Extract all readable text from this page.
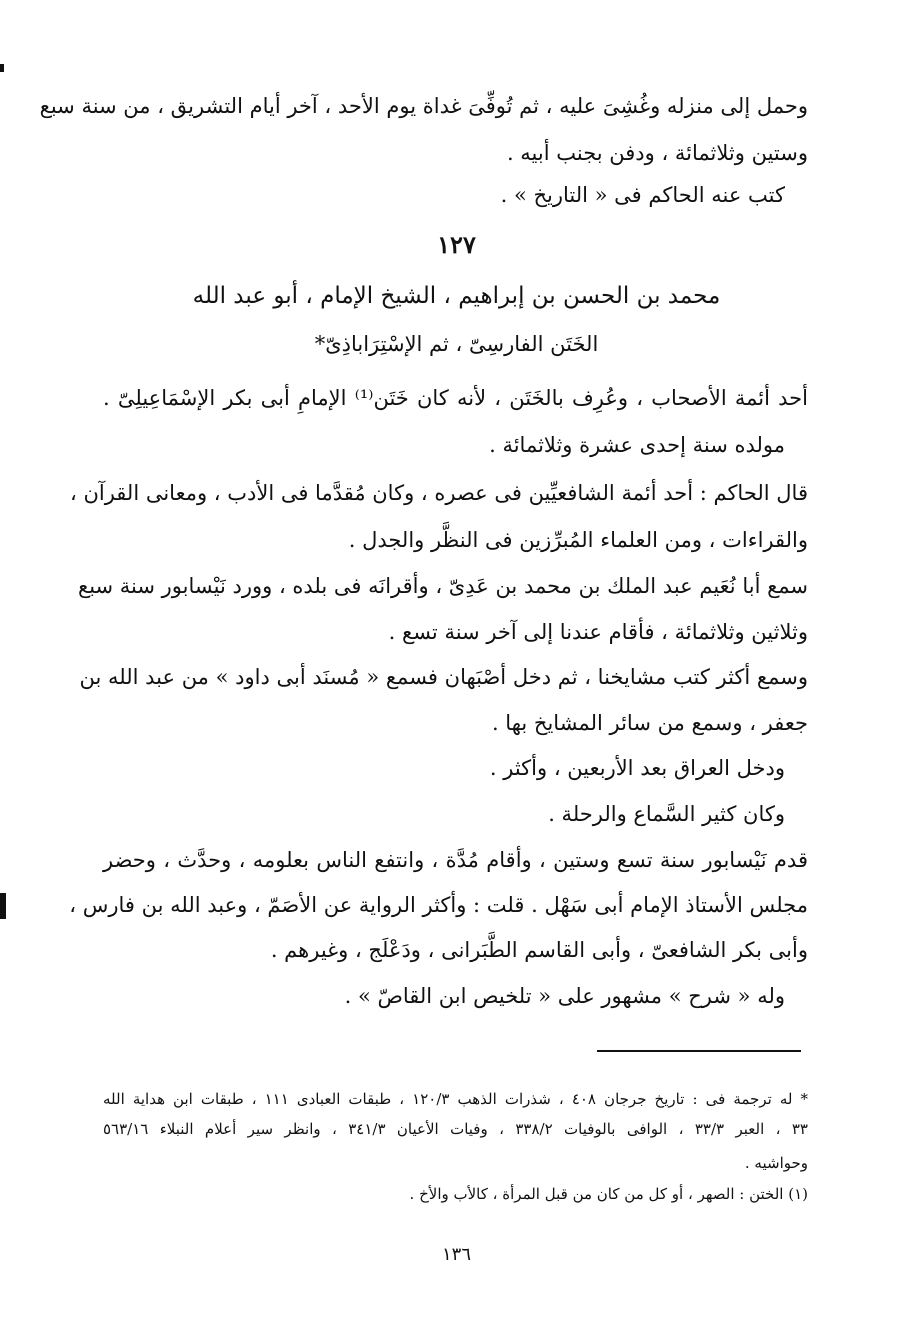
وحمل إلى منزله وغُشِىَ عليه ، ثم تُوفِّىَ غداة يوم الأحد ، آخر أيام التشريق ، من سنة سبع
وستين وثلاثمائة ، ودفن بجنب أبيه .
كتب عنه الحاكم فى « التاريخ » .
١٢٧
محمد بن الحسن بن إبراهيم ، الشيخ الإمام ، أبو عبد الله
الخَتَن الفارسِىّ ، ثم الإسْتِرَاباذِىّ*
أحد أئمة الأصحاب ، وعُرِف بالخَتَن ، لأنه كان خَتَن⁽¹⁾ الإمامِ أبى بكر الإسْمَاعِيلِىّ .
مولده سنة إحدى عشرة وثلاثمائة .
قال الحاكم : أحد أئمة الشافعيِّين فى عصره ، وكان مُقدَّما فى الأدب ، ومعانى القرآن ،
والقراءات ، ومن العلماء المُبرِّزين فى النظَّر والجدل .
سمع أبا نُعَيم عبد الملك بن محمد بن عَدِىّ ، وأقرانَه فى بلده ، وورد نَيْسابور سنة سبع
وثلاثين وثلاثمائة ، فأقام عندنا إلى آخر سنة تسع .
وسمع أكثر كتب مشايخنا ، ثم دخل أصْبَهان فسمع « مُسنَد أبى داود » من عبد الله بن
جعفر ، وسمع من سائر المشايخ بها .
ودخل العراق بعد الأربعين ، وأكثر .
وكان كثير السَّماع والرحلة .
قدم نَيْسابور سنة تسع وستين ، وأقام مُدَّة ، وانتفع الناس بعلومه ، وحدَّث ، وحضر
مجلس الأستاذ الإمام أبى سَهْل . قلت : وأكثر الرواية عن الأصَمّ ، وعبد الله بن فارس ،
وأبى بكر الشافعىّ ، وأبى القاسم الطَّبَرانى ، ودَعْلَج ، وغيرهم .
وله « شرح » مشهور على « تلخيص ابن القاصّ » .
* له ترجمة فى : تاريخ جرجان ٤٠٨ ، شذرات الذهب ١٢٠/٣ ، طبقات العبادى ١١١ ، طبقات ابن هداية الله
٣٣ ، العبر ٣٣/٣ ، الوافى بالوفيات ٣٣٨/٢ ، وفيات الأعيان ٣٤١/٣ ، وانظر سير أعلام النبلاء ٥٦٣/١٦
وحواشيه .
(١) الختن : الصهر ، أو كل من كان من قبل المرأة ، كالأب والأخ .
١٣٦
